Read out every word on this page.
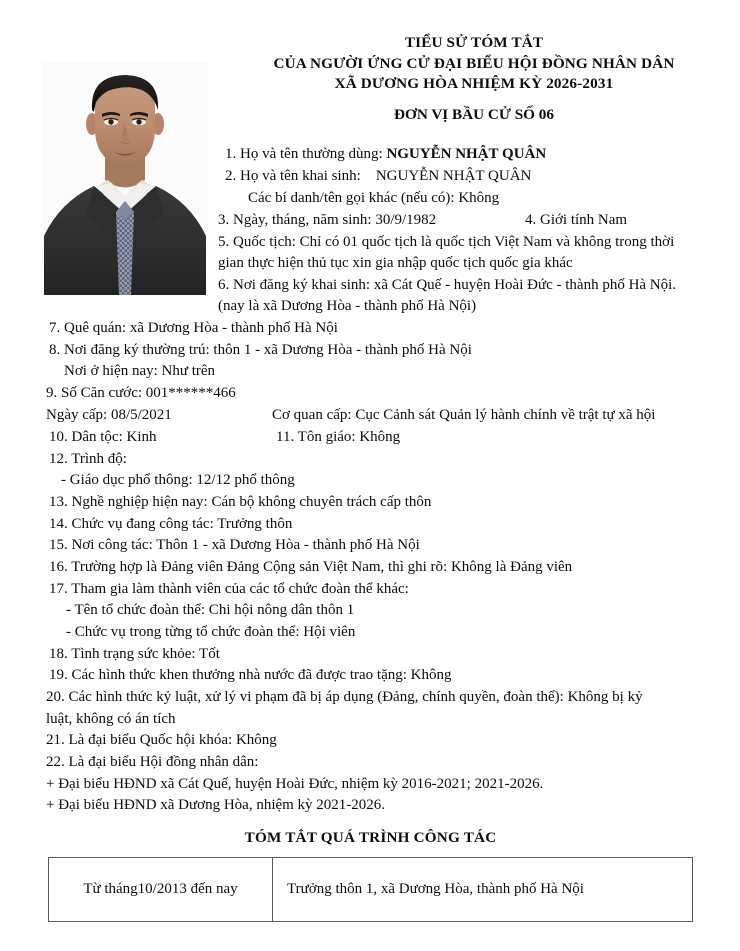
TIỂU SỬ TÓM TẮT
CỦA NGƯỜI ỨNG CỬ ĐẠI BIỂU HỘI ĐỒNG NHÂN DÂN
XÃ DƯƠNG HÒA NHIỆM KỲ 2026-2031
ĐƠN VỊ BẦU CỬ SỐ 06
1. Họ và tên thường dùng: NGUYỄN NHẬT QUÂN
2. Họ và tên khai sinh: NGUYỄN NHẬT QUÂN
Các bí danh/tên gọi khác (nếu có): Không
3. Ngày, tháng, năm sinh: 30/9/1982	4. Giới tính Nam
5. Quốc tịch: Chỉ có 01 quốc tịch là quốc tịch Việt Nam và không trong thời
gian thực hiện thủ tục xin gia nhập quốc tịch quốc gia khác
6. Nơi đăng ký khai sinh: xã Cát Quế - huyện Hoài Đức - thành phố Hà Nội.
(nay là xã Dương Hòa - thành phố Hà Nội)
7. Quê quán: xã Dương Hòa - thành phố Hà Nội
8. Nơi đăng ký thường trú: thôn 1 - xã Dương Hòa - thành phố Hà Nội
Nơi ở hiện nay: Như trên
9. Số Căn cước: 001******466
Ngày cấp: 08/5/2021	Cơ quan cấp: Cục Cảnh sát Quản lý hành chính về trật tự xã hội
10. Dân tộc: Kinh	11. Tôn giáo: Không
12. Trình độ:
- Giáo dục phổ thông: 12/12 phổ thông
13. Nghề nghiệp hiện nay: Cán bộ không chuyên trách cấp thôn
14. Chức vụ đang công tác: Trưởng thôn
15. Nơi công tác: Thôn 1 - xã Dương Hòa - thành phố Hà Nội
16. Trường hợp là Đảng viên Đảng Cộng sản Việt Nam, thì ghi rõ: Không là Đảng viên
17. Tham gia làm thành viên của các tổ chức đoàn thể khác:
- Tên tổ chức đoàn thể: Chi hội nông dân thôn 1
- Chức vụ trong từng tổ chức đoàn thể: Hội viên
18. Tình trạng sức khỏe: Tốt
19. Các hình thức khen thưởng nhà nước đã được trao tặng: Không
20. Các hình thức kỷ luật, xử lý vi phạm đã bị áp dụng (Đảng, chính quyền, đoàn thể): Không bị kỷ
luật, không có án tích
21. Là đại biểu Quốc hội khóa: Không
22. Là đại biểu Hội đồng nhân dân:
+ Đại biểu HĐND xã Cát Quế, huyện Hoài Đức, nhiệm kỳ 2016-2021; 2021-2026.
+ Đại biểu HĐND xã Dương Hòa, nhiệm kỳ 2021-2026.
TÓM TẮT QUÁ TRÌNH CÔNG TÁC
Từ tháng10/2013 đến nay	Trưởng thôn 1, xã Dương Hòa, thành phố Hà Nội
